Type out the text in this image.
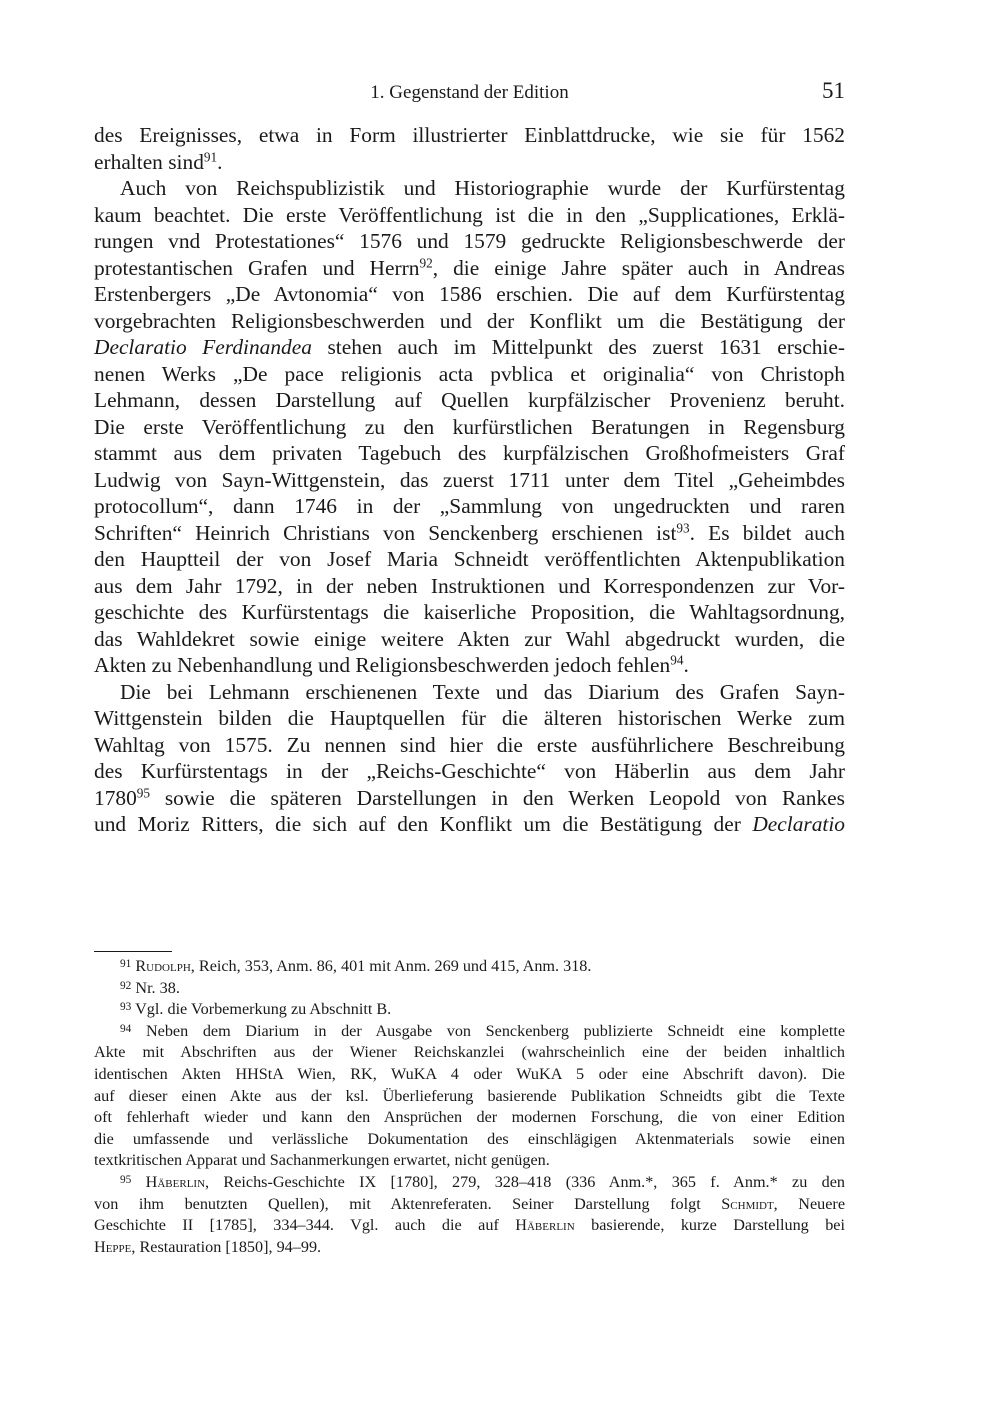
1. Gegenstand der Edition	51
des Ereignisses, etwa in Form illustrierter Einblattdrucke, wie sie für 1562
erhalten sind$^{91}$.
Auch von Reichspublizistik und Historiographie wurde der Kurfürstentag
kaum beachtet. Die erste Veröffentlichung ist die in den „Supplicationes, Erklä-
rungen vnd Protestationes“ 1576 und 1579 gedruckte Religionsbeschwerde der
protestantischen Grafen und Herrn$^{92}$, die einige Jahre später auch in Andreas
Erstenbergers „De Avtonomia“ von 1586 erschien. Die auf dem Kurfürstentag
vorgebrachten Religionsbeschwerden und der Konflikt um die Bestätigung der
Declaratio Ferdinandea stehen auch im Mittelpunkt des zuerst 1631 erschie-
nenen Werks „De pace religionis acta pvblica et originalia“ von Christoph
Lehmann, dessen Darstellung auf Quellen kurpfälzischer Provenienz beruht.
Die erste Veröffentlichung zu den kurfürstlichen Beratungen in Regensburg
stammt aus dem privaten Tagebuch des kurpfälzischen Großhofmeisters Graf
Ludwig von Sayn-Wittgenstein, das zuerst 1711 unter dem Titel „Geheimbdes
protocollum“, dann 1746 in der „Sammlung von ungedruckten und raren
Schriften“ Heinrich Christians von Senckenberg erschienen ist$^{93}$. Es bildet auch
den Hauptteil der von Josef Maria Schneidt veröffentlichten Aktenpublikation
aus dem Jahr 1792, in der neben Instruktionen und Korrespondenzen zur Vor-
geschichte des Kurfürstentags die kaiserliche Proposition, die Wahltagsordnung,
das Wahldekret sowie einige weitere Akten zur Wahl abgedruckt wurden, die
Akten zu Nebenhandlung und Religionsbeschwerden jedoch fehlen$^{94}$.
Die bei Lehmann erschienenen Texte und das Diarium des Grafen Sayn-
Wittgenstein bilden die Hauptquellen für die älteren historischen Werke zum
Wahltag von 1575. Zu nennen sind hier die erste ausführlichere Beschreibung
des Kurfürstentags in der „Reichs-Geschichte“ von Häberlin aus dem Jahr
1780$^{95}$ sowie die späteren Darstellungen in den Werken Leopold von Rankes
und Moriz Ritters, die sich auf den Konflikt um die Bestätigung der Declaratio
$^{91}$ Rudolph, Reich, 353, Anm. 86, 401 mit Anm. 269 und 415, Anm. 318.
$^{92}$ Nr. 38.
$^{93}$ Vgl. die Vorbemerkung zu Abschnitt B.
$^{94}$ Neben dem Diarium in der Ausgabe von Senckenberg publizierte Schneidt eine komplette
Akte mit Abschriften aus der Wiener Reichskanzlei (wahrscheinlich eine der beiden inhaltlich
identischen Akten HHStA Wien, RK, WuKA 4 oder WuKA 5 oder eine Abschrift davon). Die
auf dieser einen Akte aus der ksl. Überlieferung basierende Publikation Schneidts gibt die Texte
oft fehlerhaft wieder und kann den Ansprüchen der modernen Forschung, die von einer Edition
die umfassende und verlässliche Dokumentation des einschlägigen Aktenmaterials sowie einen
textkritischen Apparat und Sachanmerkungen erwartet, nicht genügen.
$^{95}$ Häberlin, Reichs-Geschichte IX [1780], 279, 328–418 (336 Anm.*, 365 f. Anm.* zu den
von ihm benutzten Quellen), mit Aktenreferaten. Seiner Darstellung folgt Schmidt, Neuere
Geschichte II [1785], 334–344. Vgl. auch die auf Häberlin basierende, kurze Darstellung bei
Heppe, Restauration [1850], 94–99.
